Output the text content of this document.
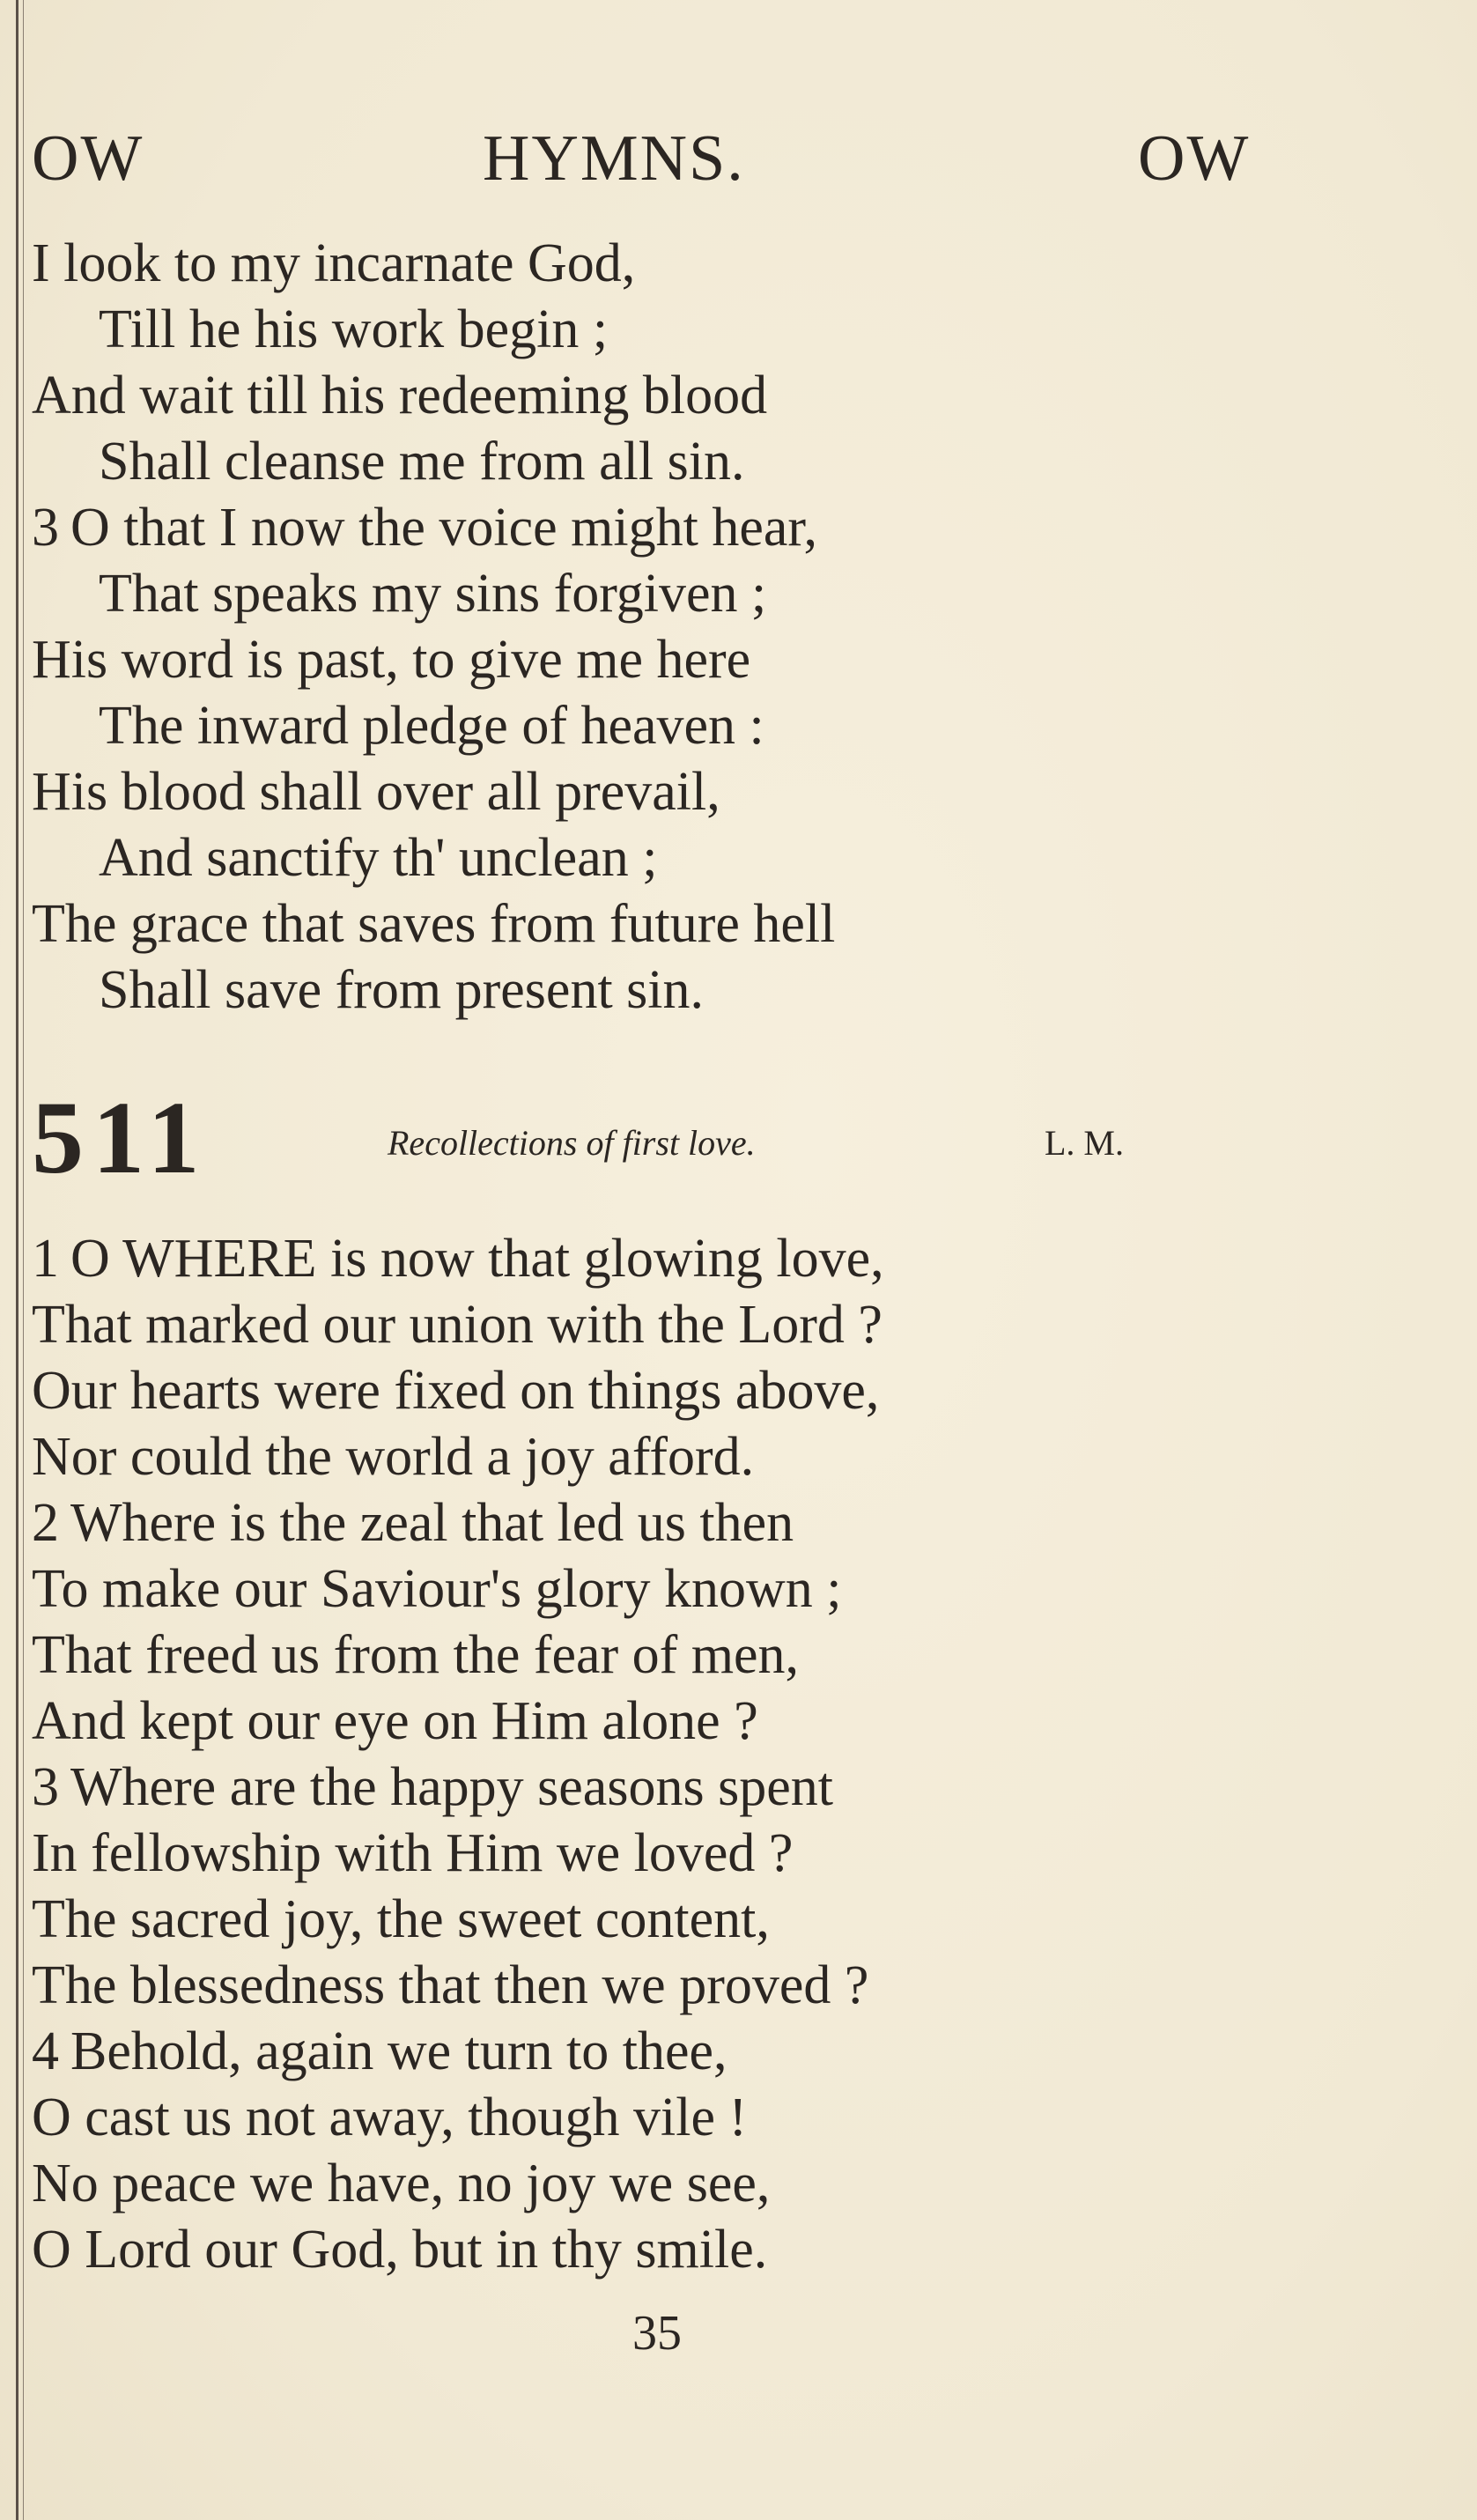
OW	HYMNS.	OW
I look to my incarnate God,
Till he his work begin ;
And wait till his redeeming blood
Shall cleanse me from all sin.
3 O that I now the voice might hear,
That speaks my sins forgiven ;
His word is past, to give me here
The inward pledge of heaven :
His blood shall over all prevail,
And sanctify th' unclean ;
The grace that saves from future hell
Shall save from present sin.
511	Recollections of first love.	L. M.
1 O WHERE is now that glowing love,
That marked our union with the Lord ?
Our hearts were fixed on things above,
Nor could the world a joy afford.
2 Where is the zeal that led us then
To make our Saviour's glory known ;
That freed us from the fear of men,
And kept our eye on Him alone ?
3 Where are the happy seasons spent
In fellowship with Him we loved ?
The sacred joy, the sweet content,
The blessedness that then we proved ?
4 Behold, again we turn to thee,
O cast us not away, though vile !
No peace we have, no joy we see,
O Lord our God, but in thy smile.
35
